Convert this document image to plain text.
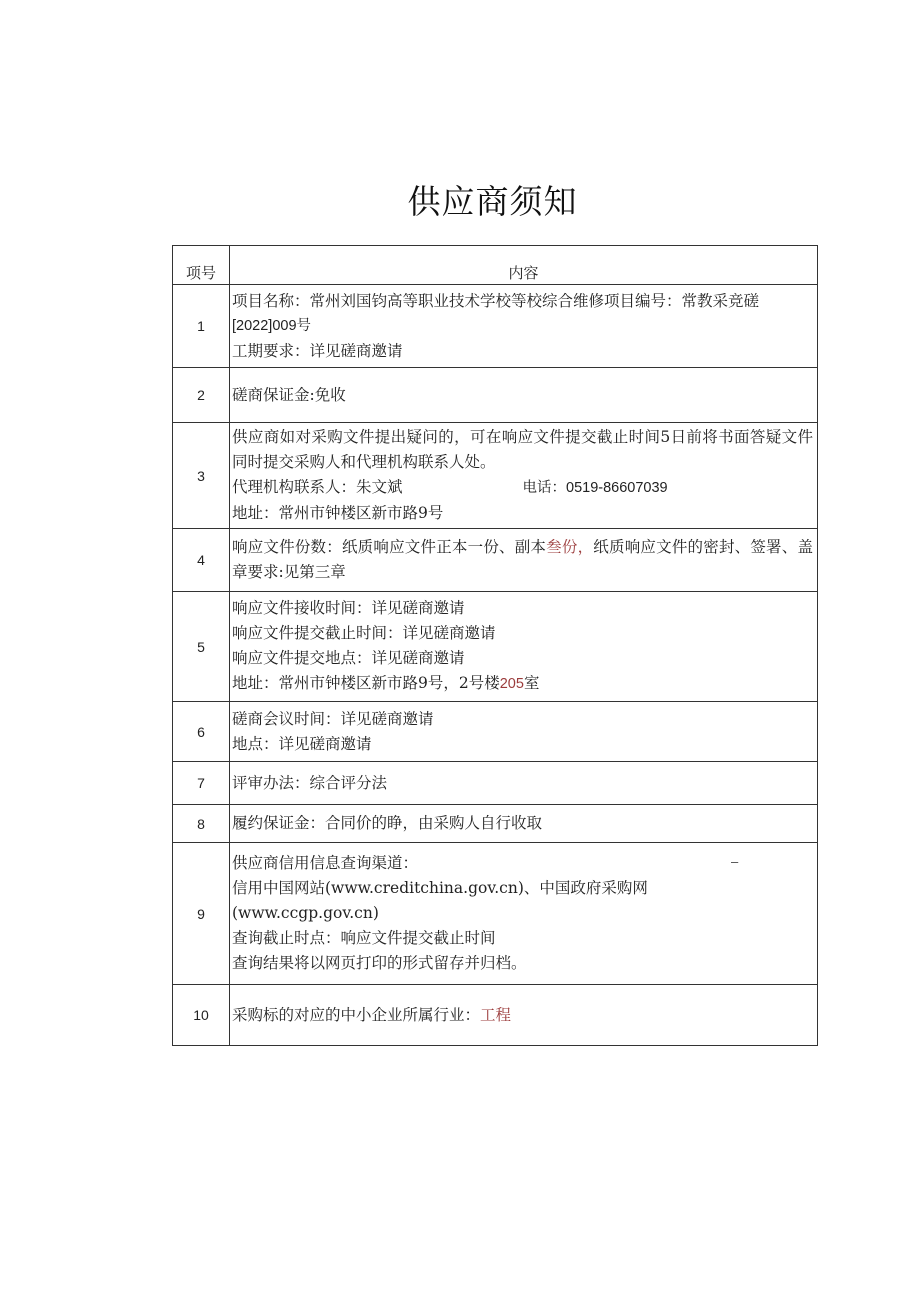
供应商须知
项号	内容
1	项目名称：常州刘国钧高等职业技术学校等校综合维修项目编号：常教采竞磋
[2022]009号
工期要求：详见磋商邀请

2	磋商保证金:免收

3	供应商如对采购文件提出疑问的，可在响应文件提交截止时间5日前将书面答疑文件同时提交采购人和代理机构联系人处。
代理机构联系人：朱文斌 电话：0519-86607039
地址：常州市钟楼区新市路9号

4	响应文件份数：纸质响应文件正本一份、副本叁份，纸质响应文件的密封、签署、盖章要求:见第三章

5	响应文件接收时间：详见磋商邀请
响应文件提交截止时间：详见磋商邀请
响应文件提交地点：详见磋商邀请
地址：常州市钟楼区新市路9号，2号楼205室

6	磋商会议时间：详见磋商邀请
地点：详见磋商邀请

7	评审办法：综合评分法

8	履约保证金：合同价的睁，由采购人自行收取

9	供应商信用信息查询渠道：
信用中国网站(www.creditchina.gov.cn)、中国政府采购网
(www.ccgp.gov.cn)
查询截止时点：响应文件提交截止时间
查询结果将以网页打印的形式留存并归档。

10	采购标的对应的中小企业所属行业：工程
–
